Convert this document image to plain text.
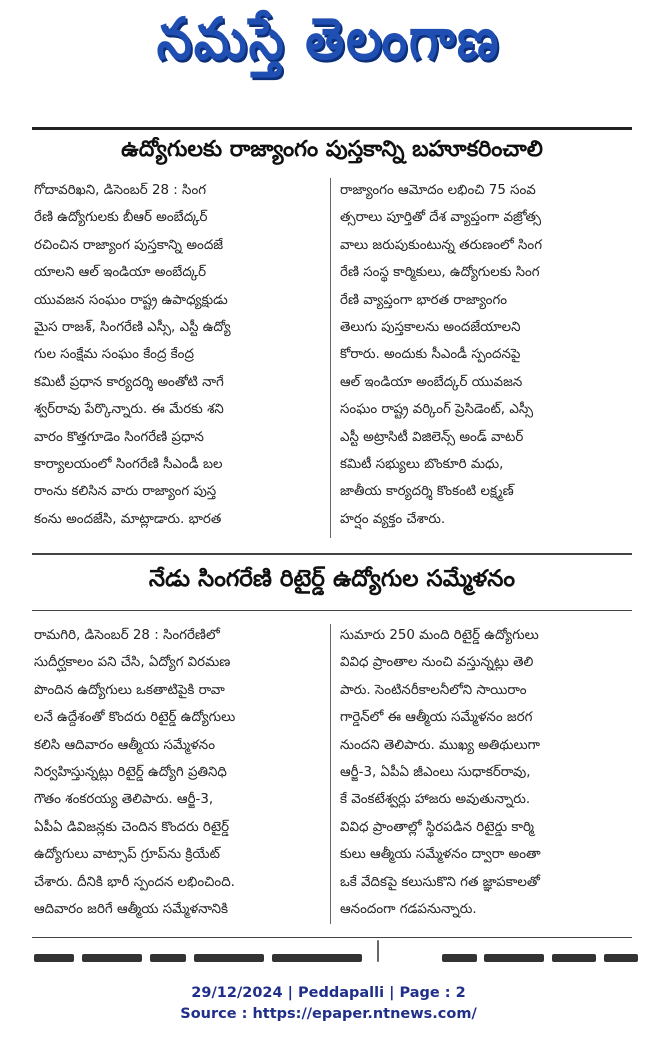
నమస్తే తెలంగాణ
ఉద్యోగులకు రాజ్యాంగం పుస్తకాన్ని బహూకరించాలి
గోదావరిఖని, డిసెంబర్ 28 : సింగ
రేణి ఉద్యోగులకు బీఆర్ అంబేద్కర్
రచించిన రాజ్యాంగ పుస్తకాన్ని అందజే
యాలని ఆల్ ఇండియా అంబేద్కర్
యువజన సంఘం రాష్ట్ర ఉపాధ్యక్షుడు
మైస రాజశ్, సింగరేణి ఎస్సీ, ఎస్టీ ఉద్యో
గుల సంక్షేమ సంఘం కేంద్ర కేంద్ర
కమిటీ ప్రధాన కార్యదర్శి అంతోటి నాగే
శ్వర్‌రావు పేర్కొన్నారు. ఈ మేరకు శని
వారం కొత్తగూడెం సింగరేణి ప్రధాన
కార్యాలయంలో సింగరేణి సీఎండీ బల
రాంను కలిసిన వారు రాజ్యాంగ పుస్త
కంను అందజేసి, మాట్లాడారు. భారత
రాజ్యాంగం ఆమోదం లభించి 75 సంవ
త్సరాలు పూర్తితో దేశ వ్యాప్తంగా వజ్రోత్స
వాలు జరుపుకుంటున్న తరుణంలో సింగ
రేణి సంస్థ కార్మికులు, ఉద్యోగులకు సింగ
రేణి వ్యాప్తంగా భారత రాజ్యాంగం
తెలుగు పుస్తకాలను అందజేయాలని
కోరారు. అందుకు సీఎండీ స్పందనపై
ఆల్ ఇండియా అంబేద్కర్ యువజన
సంఘం రాష్ట్ర వర్కింగ్ ప్రెసిడెంట్, ఎస్సీ
ఎస్టీ అట్రాసిటీ విజిలెన్స్ అండ్ వాటర్
కమిటీ సభ్యులు బొంకూరి మధు,
జాతీయ కార్యదర్శి కొంకంటి లక్ష్మణ్
హర్షం వ్యక్తం చేశారు.
నేడు సింగరేణి రిటైర్డ్ ఉద్యోగుల సమ్మేళనం
రామగిరి, డిసెంబర్ 28 : సింగరేణిలో
సుదీర్ఘకాలం పని చేసి, ఏద్యోగ విరమణ
పొందిన ఉద్యోగులు ఒకతాటిపైకి రావా
లనే ఉద్దేశంతో కొందరు రిటైర్డ్ ఉద్యోగులు
కలిసి ఆదివారం ఆత్మీయ సమ్మేళనం
నిర్వహిస్తున్నట్లు రిటైర్డ్ ఉద్యోగి ప్రతినిధి
గౌతం శంకరయ్య తెలిపారు. ఆర్జీ-3,
ఏపీఏ డివిజన్లకు చెందిన కొందరు రిటైర్డ్
ఉద్యోగులు వాట్సాప్ గ్రూప్‌ను క్రియేట్
చేశారు. దీనికి భారీ స్పందన లభించింది.
ఆదివారం జరిగే ఆత్మీయ సమ్మేళనానికి
సుమారు 250 మంది రిటైర్డ్ ఉద్యోగులు
వివిధ ప్రాంతాల నుంచి వస్తున్నట్లు తెలి
పారు. సెంటినరీకాలనీలోని సాయిరాం
గార్డెన్‌లో ఈ ఆత్మీయ సమ్మేళనం జరగ
నుందని తెలిపారు. ముఖ్య అతిథులుగా
ఆర్జీ-3, ఏపీఏ జీఎంలు సుధాకర్‌రావు,
కే వెంకటేశ్వర్లు హాజరు అవుతున్నారు.
వివిధ ప్రాంతాల్లో స్థిరపడిన రిటైర్డు కార్మి
కులు ఆత్మీయ సమ్మేళనం ద్వారా అంతా
ఒకే వేదికపై కలుసుకొని గత జ్ఞాపకాలతో
ఆనందంగా గడపనున్నారు.
29/12/2024 | Peddapalli | Page : 2
Source : https://epaper.ntnews.com/
